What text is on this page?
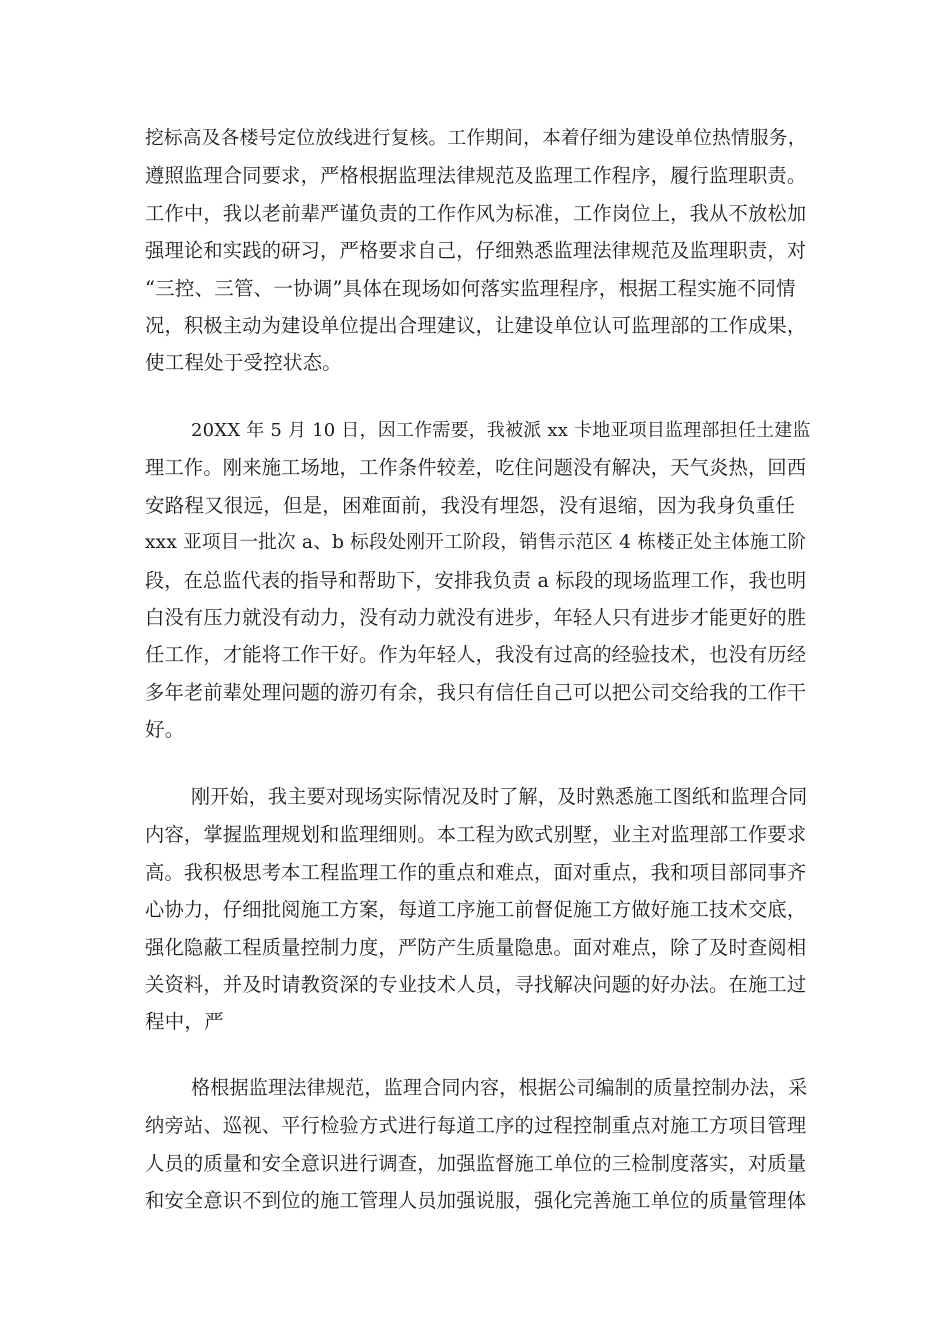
挖标高及各楼号定位放线进行复核。工作期间，本着仔细为建设单位热情服务，
遵照监理合同要求，严格根据监理法律规范及监理工作程序，履行监理职责。
工作中，我以老前辈严谨负责的工作作风为标准，工作岗位上，我从不放松加
强理论和实践的研习，严格要求自己，仔细熟悉监理法律规范及监理职责，对
“三控、三管、一协调”具体在现场如何落实监理程序，根据工程实施不同情
况，积极主动为建设单位提出合理建议，让建设单位认可监理部的工作成果，
使工程处于受控状态。
20XX 年 5 月 10 日，因工作需要，我被派 xx 卡地亚项目监理部担任土建监
理工作。刚来施工场地，工作条件较差，吃住问题没有解决，天气炎热，回西
安路程又很远，但是，困难面前，我没有埋怨，没有退缩，因为我身负重任
xxx 亚项目一批次 a、b 标段处刚开工阶段，销售示范区 4 栋楼正处主体施工阶
段，在总监代表的指导和帮助下，安排我负责 a 标段的现场监理工作，我也明
白没有压力就没有动力，没有动力就没有进步，年轻人只有进步才能更好的胜
任工作，才能将工作干好。作为年轻人，我没有过高的经验技术，也没有历经
多年老前辈处理问题的游刃有余，我只有信任自己可以把公司交给我的工作干
好。
刚开始，我主要对现场实际情况及时了解，及时熟悉施工图纸和监理合同
内容，掌握监理规划和监理细则。本工程为欧式别墅，业主对监理部工作要求
高。我积极思考本工程监理工作的重点和难点，面对重点，我和项目部同事齐
心协力，仔细批阅施工方案，每道工序施工前督促施工方做好施工技术交底，
强化隐蔽工程质量控制力度，严防产生质量隐患。面对难点，除了及时查阅相
关资料，并及时请教资深的专业技术人员，寻找解决问题的好办法。在施工过
程中，严
格根据监理法律规范，监理合同内容，根据公司编制的质量控制办法，采
纳旁站、巡视、平行检验方式进行每道工序的过程控制重点对施工方项目管理
人员的质量和安全意识进行调查，加强监督施工单位的三检制度落实，对质量
和安全意识不到位的施工管理人员加强说服，强化完善施工单位的质量管理体
